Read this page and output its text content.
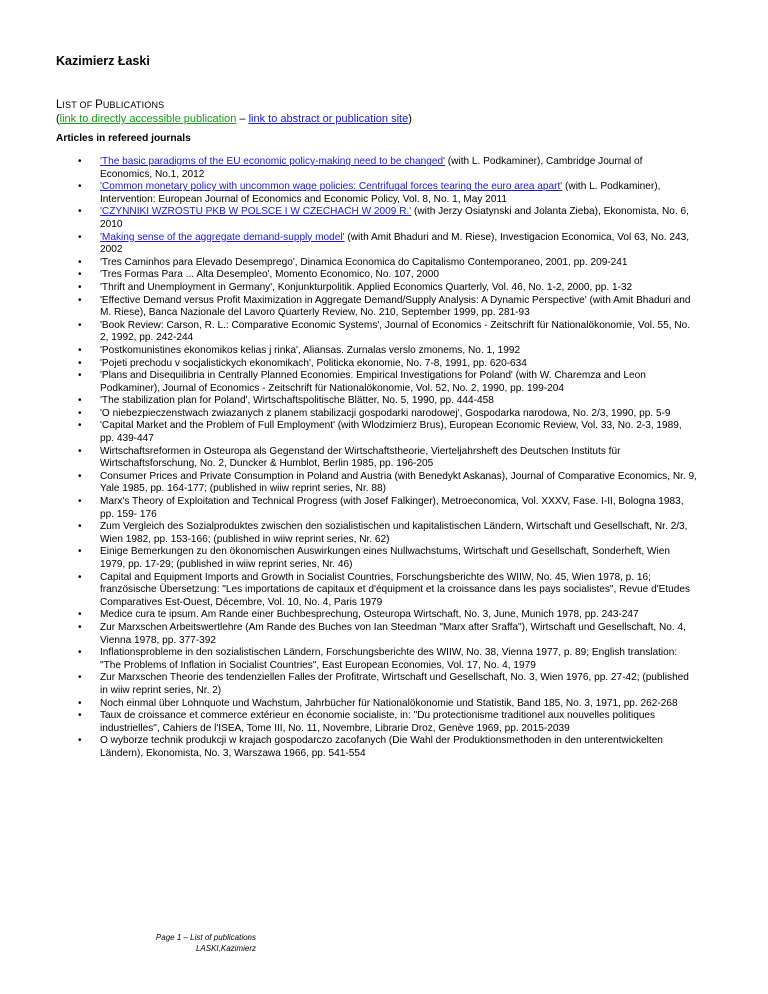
Kazimierz Łaski
LIST OF PUBLICATIONS
(link to directly accessible publication – link to abstract or publication site)
Articles in refereed journals
• 'The basic paradigms of the EU economic policy-making need to be changed' (with L. Podkaminer), Cambridge Journal of Economics, No.1, 2012
• 'Common monetary policy with uncommon wage policies: Centrifugal forces tearing the euro area apart' (with L. Podkaminer), Intervention: European Journal of Economics and Economic Policy, Vol. 8, No. 1, May 2011
• 'CZYNNIKI WZROSTU PKB W POLSCE I W CZECHACH W 2009 R.' (with Jerzy Osiatynski and Jolanta Zieba), Ekonomista, No. 6, 2010
• 'Making sense of the aggregate demand-supply model' (with Amit Bhaduri and M. Riese), Investigacion Economica, Vol 63, No. 243, 2002
• 'Tres Caminhos para Elevado Desemprego', Dinamica Economica do Capitalismo Contemporaneo, 2001, pp. 209-241
• 'Tres Formas Para ... Alta Desempleo', Momento Economico, No. 107, 2000
• 'Thrift and Unemployment in Germany', Konjunkturpolitik. Applied Economics Quarterly, Vol. 46, No. 1-2, 2000, pp. 1-32
• 'Effective Demand versus Profit Maximization in Aggregate Demand/Supply Analysis: A Dynamic Perspective' (with Amit Bhaduri and M. Riese), Banca Nazionale del Lavoro Quarterly Review, No. 210, September 1999, pp. 281-93
• 'Book Review: Carson, R. L.: Comparative Economic Systems', Journal of Economics - Zeitschrift für Nationalökonomie, Vol. 55, No. 2, 1992, pp. 242-244
• 'Postkomunistines ekonomikos kelias j rinka', Aliansas. Zurnalas verslo zmonems, No. 1, 1992
• 'Pojeti prechodu v socjalistickych ekonomikach', Politicka ekonomie, No. 7-8, 1991, pp. 620-634
• 'Plans and Disequilibria in Centrally Planned Economies. Empirical Investigations for Poland' (with W. Charemza and Leon Podkaminer), Journal of Economics - Zeitschrift für Nationalökonomie, Vol. 52, No. 2, 1990, pp. 199-204
• 'The stabilization plan for Poland', Wirtschaftspolitische Blätter, No. 5, 1990, pp. 444-458
• 'O niebezpieczenstwach zwiazanych z planem stabilizacji gospodarki narodowej', Gospodarka narodowa, No. 2/3, 1990, pp. 5-9
• 'Capital Market and the Problem of Full Employment' (with Wlodzimierz Brus), European Economic Review, Vol. 33, No. 2-3, 1989, pp. 439-447
• Wirtschaftsreformen in Osteuropa als Gegenstand der Wirtschaftstheorie, Vierteljahrsheft des Deutschen Instituts für Wirtschaftsforschung, No. 2, Duncker & Humblot, Berlin 1985, pp. 196-205
• Consumer Prices and Private Consumption in Poland and Austria (with Benedykt Askanas), Journal of Comparative Economics, Nr. 9, Yale 1985, pp. 164-177; (published in wiiw reprint series, Nr. 88)
• Marx's Theory of Exploitation and Technical Progress (with Josef Falkinger), Metroeconomica, Vol. XXXV, Fase. I-II, Bologna 1983, pp. 159- 176
• Zum Vergleich des Sozialproduktes zwischen den sozialistischen und kapitalistischen Ländern, Wirtschaft und Gesellschaft, Nr. 2/3, Wien 1982, pp. 153-166; (published in wiiw reprint series, Nr. 62)
• Einige Bemerkungen zu den ökonomischen Auswirkungen eines Nullwachstums, Wirtschaft und Gesellschaft, Sonderheft, Wien 1979, pp. 17-29; (published in wiiw reprint series, Nr. 46)
• Capital and Equipment Imports and Growth in Socialist Countries, Forschungsberichte des WIIW, No. 45, Wien 1978, p. 16; französische Übersetzung: "Les importations de capitaux et d'équipment et la croissance dans les pays socialistes", Revue d'Etudes Comparatives Est-Ouest, Décembre, Vol. 10, No. 4, Paris 1979
• Medice cura te ipsum. Am Rande einer Buchbesprechung, Osteuropa Wirtschaft, No. 3, June, Munich 1978, pp. 243-247
• Zur Marxschen Arbeitswertlehre (Am Rande des Buches von Ian Steedman "Marx after Sraffa"), Wirtschaft und Gesellschaft, No. 4, Vienna 1978, pp. 377-392
• Inflationsprobleme in den sozialistischen Ländern, Forschungsberichte des WIIW, No. 38, Vienna 1977, p. 89; English translation: "The Problems of Inflation in Socialist Countries", East European Economies, Vol. 17, No. 4, 1979
• Zur Marxschen Theorie des tendenziellen Falles der Profitrate, Wirtschaft und Gesellschaft, No. 3, Wien 1976, pp. 27-42; (published in wiiw reprint series, Nr. 2)
• Noch einmal über Lohnquote und Wachstum, Jahrbücher für Nationalökonomie und Statistik, Band 185, No. 3, 1971, pp. 262-268
• Taux de croissance et commerce extérieur en économie socialiste, in: "Du protectionisme traditionel aux nouvelles politiques industrielles", Cahiers de l'ISEA, Tome III, No. 11, Novembre, Librarie Droz, Genève 1969, pp. 2015-2039
• O wyborze technik produkcji w krajach gospodarczo zacofanych (Die Wahl der Produktionsmethoden in den unterentwickelten Ländern), Ekonomista, No. 3, Warszawa 1966, pp. 541-554
Page 1 – List of publications
LASKI,Kazimierz
